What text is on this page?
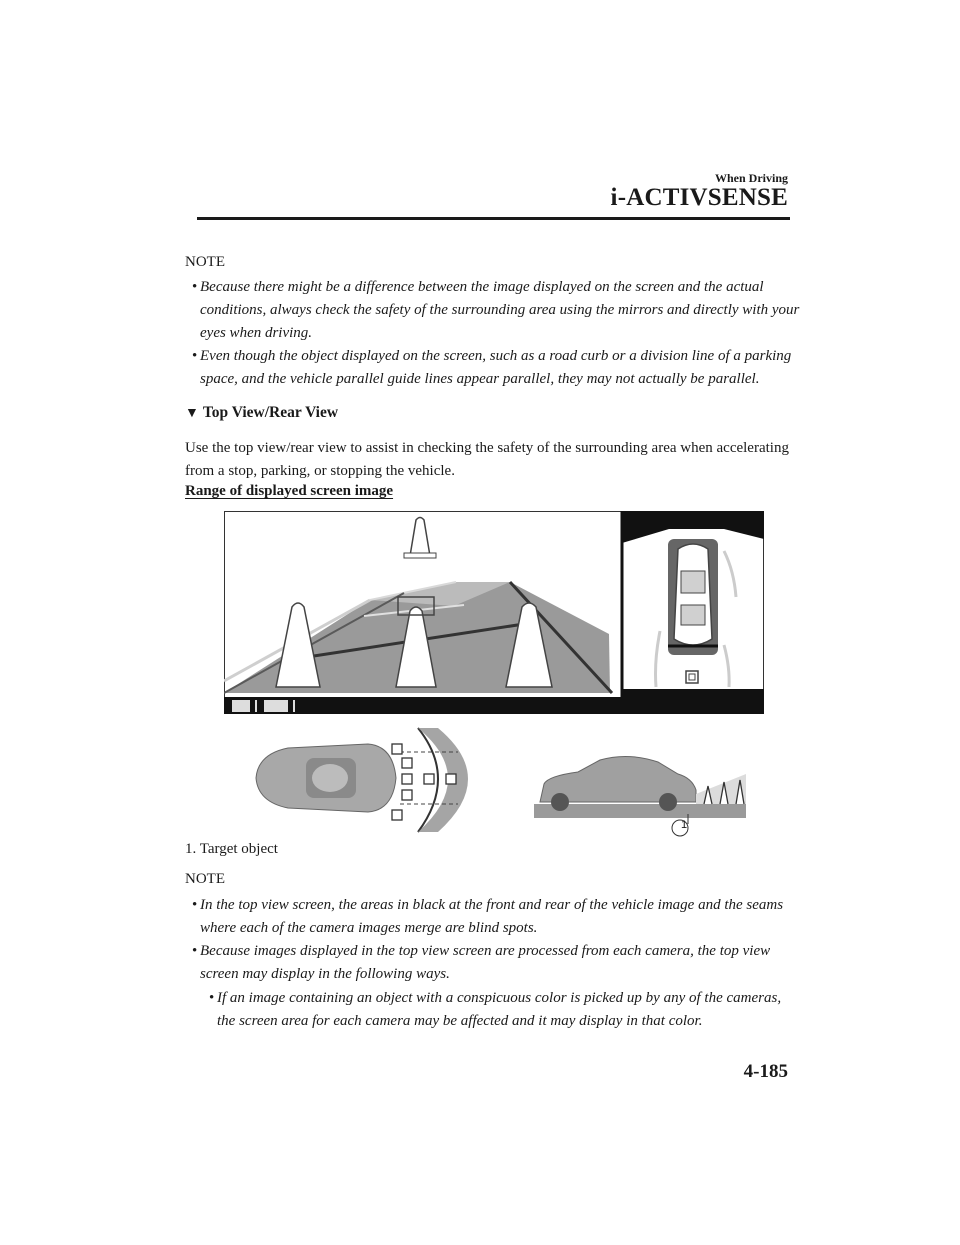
When Driving
i-ACTIVSENSE
NOTE
• Because there might be a difference between the image displayed on the screen and the actual conditions, always check the safety of the surrounding area using the mirrors and directly with your eyes when driving.
• Even though the object displayed on the screen, such as a road curb or a division line of a parking space, and the vehicle parallel guide lines appear parallel, they may not actually be parallel.
▼ Top View/Rear View
Use the top view/rear view to assist in checking the safety of the surrounding area when accelerating from a stop, parking, or stopping the vehicle.
Range of displayed screen image
1
1. Target object
NOTE
• In the top view screen, the areas in black at the front and rear of the vehicle image and the seams where each of the camera images merge are blind spots.
• Because images displayed in the top view screen are processed from each camera, the top view screen may display in the following ways.
• If an image containing an object with a conspicuous color is picked up by any of the cameras, the screen area for each camera may be affected and it may display in that color.
4-185
